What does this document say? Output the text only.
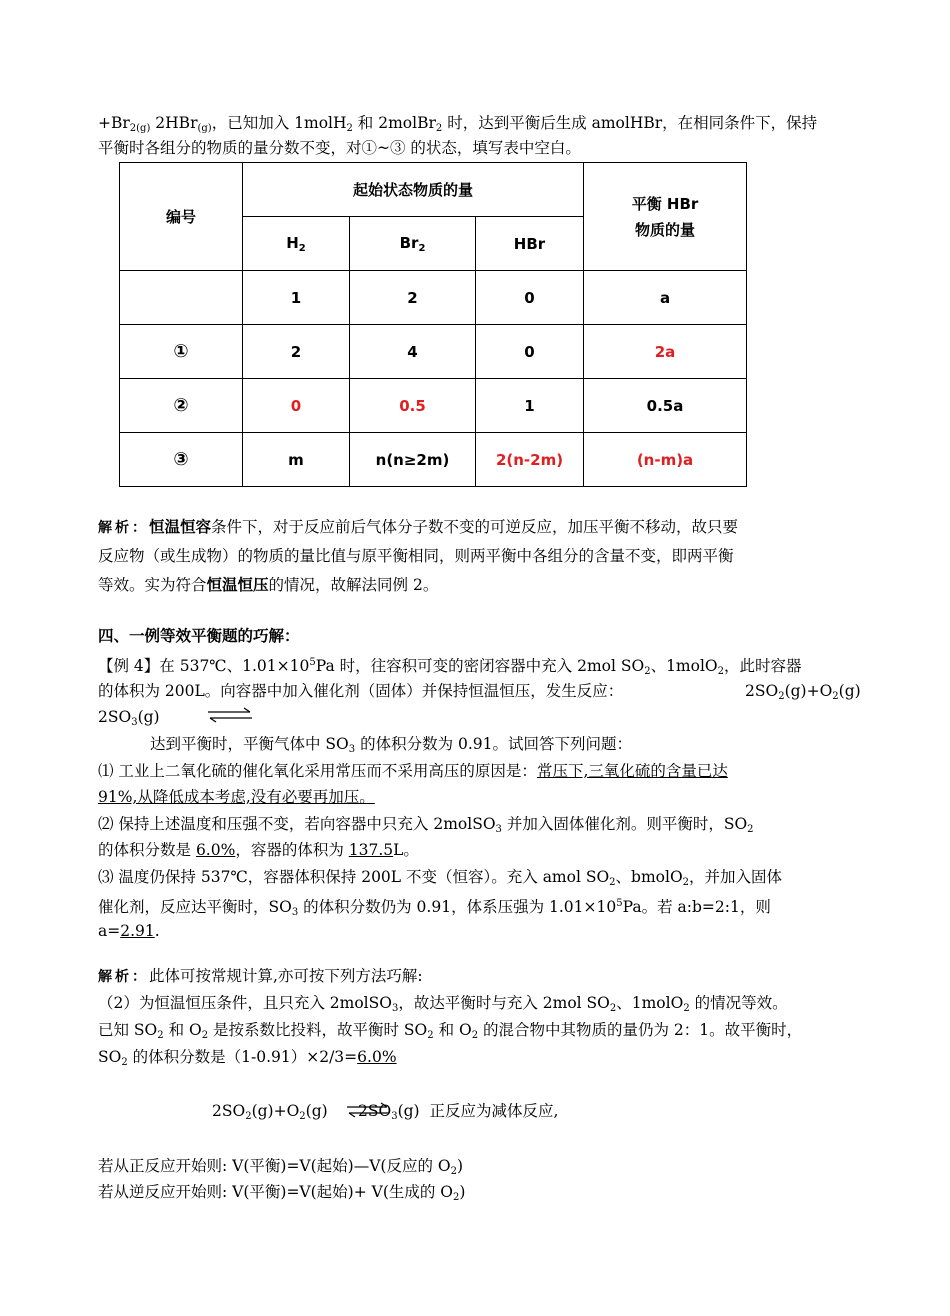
$+Br_{2(g)}$ 2HBr$_{(g)}$，已知加入 1molH$_2$ 和 2molBr$_2$ 时，达到平衡后生成 amolHBr，在相同条件下，保持
平衡时各组分的物质的量分数不变，对①~③ 的状态，填写表中空白。
编号	起始状态物质的量			平衡 HBr
物质的量
	$H_2$	$Br_2$	HBr	
	1	2	0	a
①	2	4	0	2a
②	0	0.5	1	0.5a
③	m	n(n≥2m)	2(n-2m)	(n-m)a
解析：恒温恒容条件下，对于反应前后气体分子数不变的可逆反应，加压平衡不移动，故只要
反应物（或生成物）的物质的量比值与原平衡相同，则两平衡中各组分的含量不变，即两平衡
等效。实为符合恒温恒压的情况，故解法同例 2。
四、一例等效平衡题的巧解：
【例 4】在 537℃、$1.01\times 10^5Pa$ 时，往容积可变的密闭容器中充入 2mol $SO_2$、1molO$_2$，此时容器
的体积为 200L。向容器中加入催化剂（固体）并保持恒温恒压，发生反应：	$2SO_2(g)+O_2(g)$
$2SO_3(g)$
达到平衡时，平衡气体中 $SO_3$ 的体积分数为 0.91。试回答下列问题：
⑴ 工业上二氧化硫的催化氧化采用常压而不采用高压的原因是：常压下,三氧化硫的含量已达
91%,从降低成本考虑,没有必要再加压。
⑵ 保持上述温度和压强不变，若向容器中只充入 2molSO$_3$ 并加入固体催化剂。则平衡时，$SO_2$
的体积分数是 6.0%，容器的体积为 137.5L。
⑶ 温度仍保持 537℃，容器体积保持 200L 不变（恒容）。充入 amol $SO_2$、bmolO$_2$，并加入固体
催化剂，反应达平衡时，$SO_3$ 的体积分数仍为 0.91，体系压强为 $1.01\times 10^5Pa$。若 a:b=2:1，则
a=2.91.
解析：此体可按常规计算,亦可按下列方法巧解:
（2）为恒温恒压条件，且只充入 2molSO$_3$，故达平衡时与充入 2mol $SO_2$、1molO$_2$ 的情况等效。
已知 $SO_2$ 和 $O_2$ 是按系数比投料，故平衡时 $SO_2$ 和 $O_2$ 的混合物中其物质的量仍为 2：1。故平衡时，
$SO_2$ 的体积分数是（1-0.91）×2/3=6.0%
$2SO_2(g)+O_2(g)$ ⇌
$2SO_3(g)$ 正反应为减体反应,
若从正反应开始则: V(平衡)=V(起始)—V(反应的 $O_2$)
若从逆反应开始则: V(平衡)=V(起始)+ V(生成的 $O_2$)
